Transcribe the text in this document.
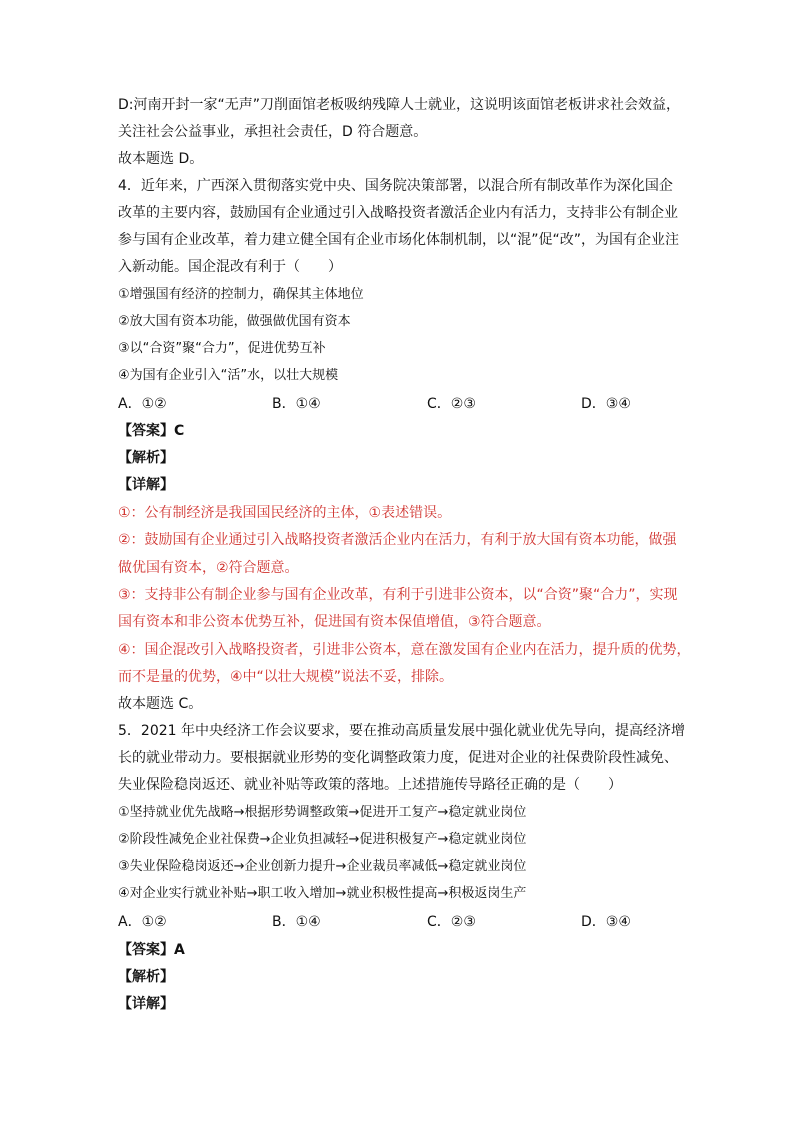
D:河南开封一家“无声”刀削面馆老板吸纳残障人士就业，这说明该面馆老板讲求社会效益，
关注社会公益事业，承担社会责任，D 符合题意。
故本题选 D。
4．近年来，广西深入贯彻落实党中央、国务院决策部署，以混合所有制改革作为深化国企
改革的主要内容，鼓励国有企业通过引入战略投资者激活企业内有活力，支持非公有制企业
参与国有企业改革，着力建立健全国有企业市场化体制机制，以“混”促“改”，为国有企业注
入新动能。国企混改有利于（　　）
①增强国有经济的控制力，确保其主体地位
②放大国有资本功能，做强做优国有资本
③以“合资”聚“合力”，促进优势互补
④为国有企业引入“活”水，以壮大规模
A．①②	B．①④	C．②③	D．③④
【答案】C
【解析】
【详解】
①：公有制经济是我国国民经济的主体，①表述错误。
②：鼓励国有企业通过引入战略投资者激活企业内在活力，有利于放大国有资本功能，做强
做优国有资本，②符合题意。
③：支持非公有制企业参与国有企业改革，有利于引进非公资本，以“合资”聚“合力”，实现
国有资本和非公资本优势互补，促进国有资本保值增值，③符合题意。
④：国企混改引入战略投资者，引进非公资本，意在激发国有企业内在活力，提升质的优势，
而不是量的优势，④中“以壮大规模”说法不妥，排除。
故本题选 C。
5．2021 年中央经济工作会议要求，要在推动高质量发展中强化就业优先导向，提高经济增
长的就业带动力。要根据就业形势的变化调整政策力度，促进对企业的社保费阶段性减免、
失业保险稳岗返还、就业补贴等政策的落地。上述措施传导路径正确的是（　　）
①坚持就业优先战略→根据形势调整政策→促进开工复产→稳定就业岗位
②阶段性减免企业社保费→企业负担减轻→促进积极复产→稳定就业岗位
③失业保险稳岗返还→企业创新力提升→企业裁员率减低→稳定就业岗位
④对企业实行就业补贴→职工收入增加→就业积极性提高→积极返岗生产
A．①②	B．①④	C．②③	D．③④
【答案】A
【解析】
【详解】
